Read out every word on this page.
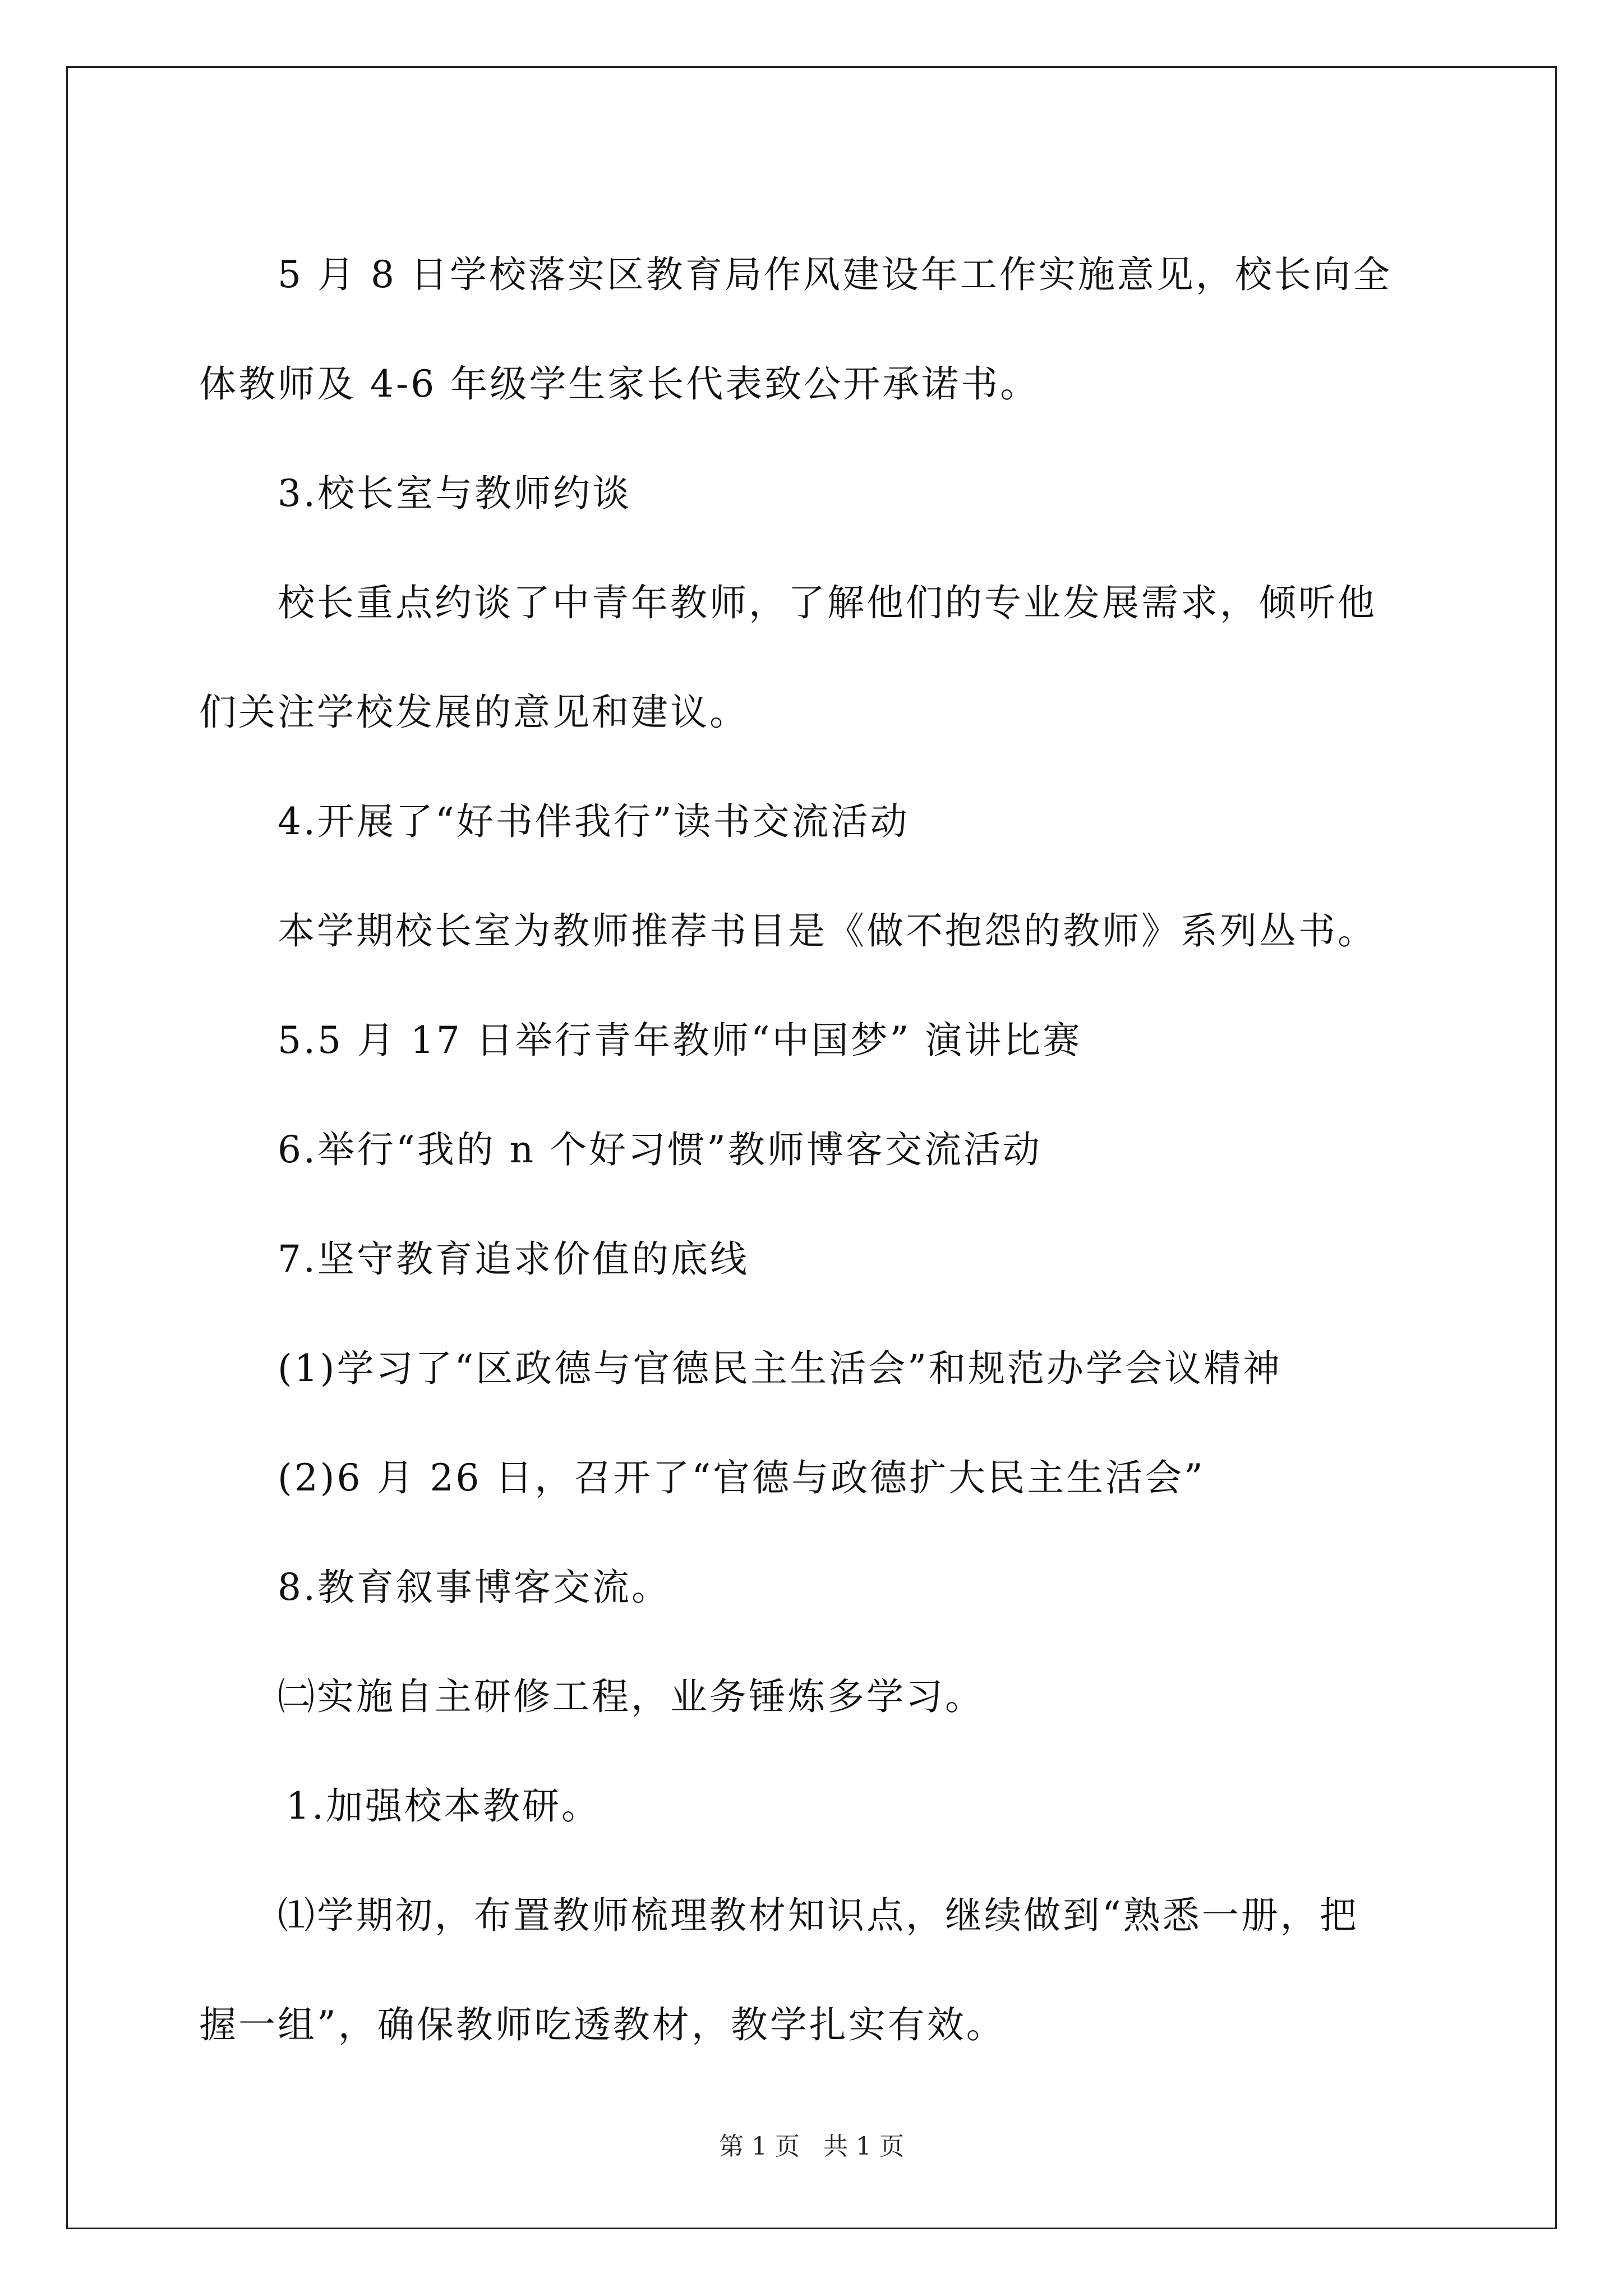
5 月 8 日学校落实区教育局作风建设年工作实施意见，校长向全

体教师及 4-6 年级学生家长代表致公开承诺书。

3.校长室与教师约谈

校长重点约谈了中青年教师，了解他们的专业发展需求，倾听他

们关注学校发展的意见和建议。

4.开展了“好书伴我行”读书交流活动

本学期校长室为教师推荐书目是《做不抱怨的教师》系列丛书。

5.5 月 17 日举行青年教师“中国梦” 演讲比赛

6.举行“我的 n 个好习惯”教师博客交流活动

7.坚守教育追求价值的底线

(1)学习了“区政德与官德民主生活会”和规范办学会议精神

(2)6 月 26 日，召开了“官德与政德扩大民主生活会”

8.教育叙事博客交流。

㈡实施自主研修工程，业务锤炼多学习。

1.加强校本教研。

⑴学期初，布置教师梳理教材知识点，继续做到“熟悉一册，把

握一组”，确保教师吃透教材，教学扎实有效。

第 1 页 共 1 页
